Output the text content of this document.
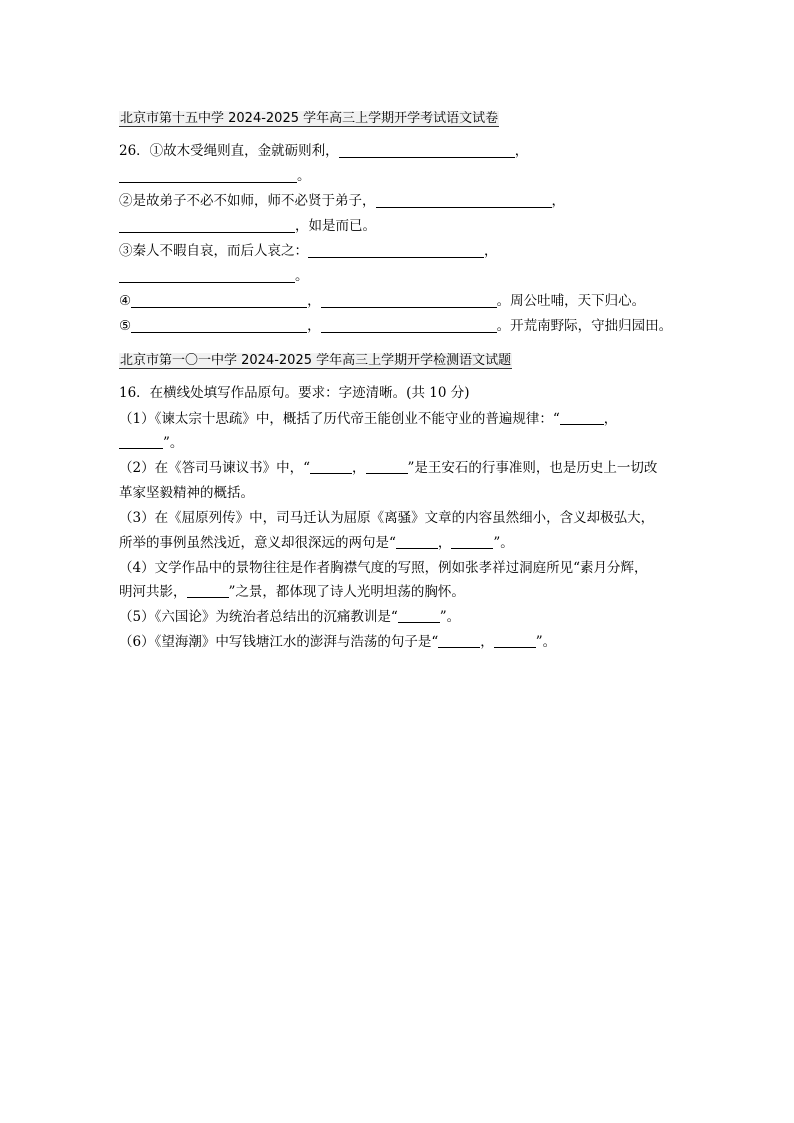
北京市第十五中学 2024-2025 学年高三上学期开学考试语文试卷
26．①故木受绳则直，金就砺则利，	，
。
②是故弟子不必不如师，师不必贤于弟子，	，
，如是而已。
③秦人不暇自哀，而后人哀之：	，
。
④	，	。周公吐哺，天下归心。
⑤	，	。开荒南野际，守拙归园田。
北京市第一〇一中学 2024-2025 学年高三上学期开学检测语文试题
16．在横线处填写作品原句。要求：字迹清晰。(共 10 分)
（1）《谏太宗十思疏》中，概括了历代帝王能创业不能守业的普遍规律：“	，
”。
（2）在《答司马谏议书》中，“	，	”是王安石的行事准则，也是历史上一切改
革家坚毅精神的概括。
（3）在《屈原列传》中，司马迁认为屈原《离骚》文章的内容虽然细小，含义却极弘大，
所举的事例虽然浅近，意义却很深远的两句是“	，	”。
（4）文学作品中的景物往往是作者胸襟气度的写照，例如张孝祥过洞庭所见“素月分辉，
明河共影，	”之景，都体现了诗人光明坦荡的胸怀。
（5）《六国论》为统治者总结出的沉痛教训是“	”。
（6）《望海潮》中写钱塘江水的澎湃与浩荡的句子是“	，	”。
